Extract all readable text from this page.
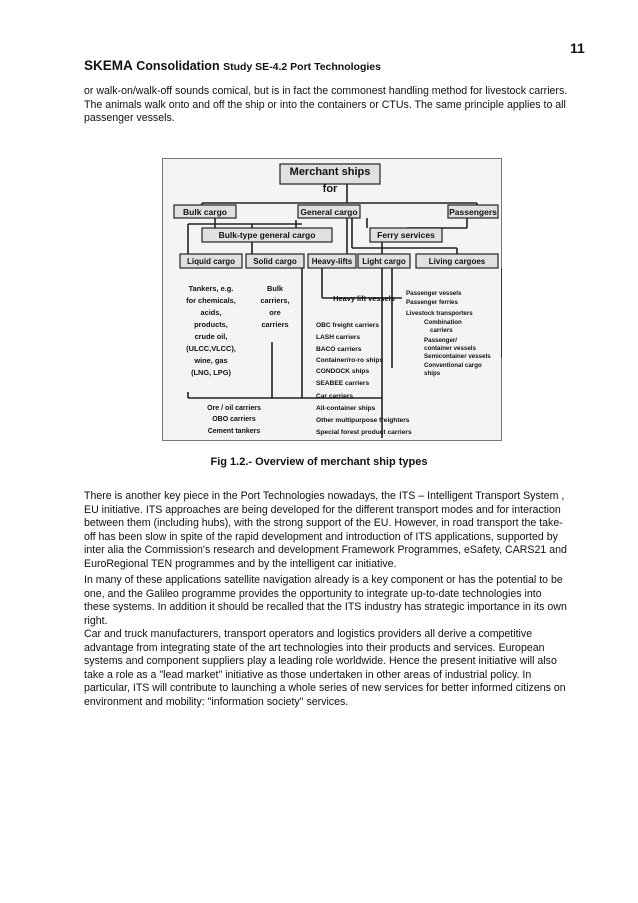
11
SKEMA Consolidation Study SE-4.2 Port Technologies

or walk-on/walk-off sounds comical, but is in fact the commonest handling method for livestock carriers. The animals walk onto and off the ship or into the containers or CTUs. The same principle applies to all passenger vessels.

Merchant ships
for
Bulk cargo	General cargo	Passengers
Bulk-type general cargo	Ferry services
Liquid cargo Solid cargo Heavy-lifts Light cargo	Living cargoes
Tankers, e.g.
for chemicals,
acids,
products,
crude oil,
(ULCC,VLCC),
wine, gas
(LNG, LPG)
Bulk
carriers,
ore
carriers
Heavy lift vessels
OBC freight carriers
LASH carriers
BACO carriers
Container/ro-ro ships
CONDOCK ships
SEABEE carriers
Car carriers
All-container ships
Other multipurpose freighters
Special forest product carriers
Passenger vessels
Passenger ferries
Livestock transporters
Combination
carriers
Passenger/
container vessels
Semicontainer vessels
Conventional cargo
ships
Ore / oil carriers
OBO carriers
Cement tankers
Fig 1.2.- Overview of merchant ship types

There is another key piece in the Port Technologies nowadays, the ITS – Intelligent Transport System , EU initiative. ITS approaches are being developed for the different transport modes and for interaction between them (including hubs), with the strong support of the EU. However, in road transport the take-off has been slow in spite of the rapid development and introduction of ITS applications, supported by inter alia the Commission's research and development Framework Programmes, eSafety, CARS21 and EuroRegional TEN programmes and by the intelligent car initiative.

In many of these applications satellite navigation already is a key component or has the potential to be one, and the Galileo programme provides the opportunity to integrate up-to-date technologies into these systems. In addition it should be recalled that the ITS industry has strategic importance in its own right.

Car and truck manufacturers, transport operators and logistics providers all derive a competitive advantage from integrating state of the art technologies into their products and services. European systems and component suppliers play a leading role worldwide. Hence the present initiative will also take a role as a "lead market" initiative as those undertaken in other areas of industrial policy. In particular, ITS will contribute to launching a whole series of new services for better informed citizens on environment and mobility: "information society" services.
